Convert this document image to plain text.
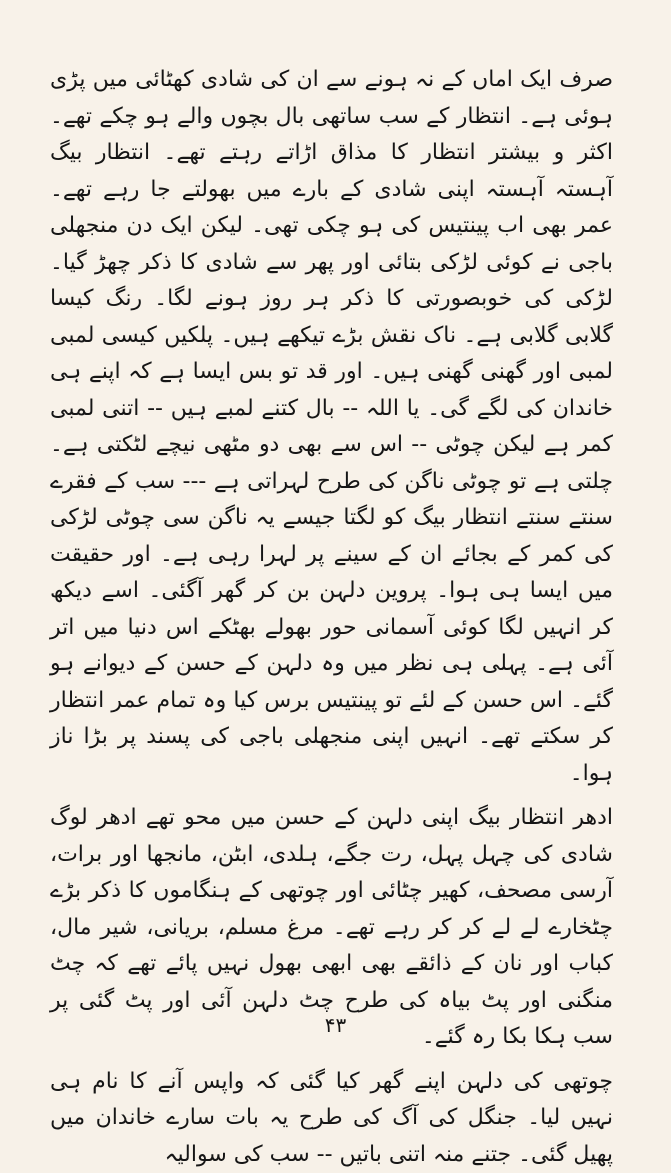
صرف ایک اماں کے نہ ہونے سے ان کی شادی کھٹائی میں پڑی ہوئی ہے۔ انتظار کے سب ساتھی بال بچوں والے ہو چکے تھے۔ اکثر و بیشتر انتظار کا مذاق اڑاتے رہتے تھے۔ انتظار بیگ آہستہ آہستہ اپنی شادی کے بارے میں بھولتے جا رہے تھے۔ عمر بھی اب پینتیس کی ہو چکی تھی۔ لیکن ایک دن منجھلی باجی نے کوئی لڑکی بتائی اور پھر سے شادی کا ذکر چھڑ گیا۔ لڑکی کی خوبصورتی کا ذکر ہر روز ہونے لگا۔ رنگ کیسا گلابی گلابی ہے۔ ناک نقش بڑے تیکھے ہیں۔ پلکیں کیسی لمبی لمبی اور گھنی گھنی ہیں۔ اور قد تو بس ایسا ہے کہ اپنے ہی خاندان کی لگے گی۔ یا اللہ -- بال کتنے لمبے ہیں -- اتنی لمبی کمر ہے لیکن چوٹی -- اس سے بھی دو مٹھی نیچے لٹکتی ہے۔ چلتی ہے تو چوٹی ناگن کی طرح لہراتی ہے --- سب کے فقرے سنتے سنتے انتظار بیگ کو لگتا جیسے یہ ناگن سی چوٹی لڑکی کی کمر کے بجائے ان کے سینے پر لہرا رہی ہے۔ اور حقیقت میں ایسا ہی ہوا۔ پروین دلہن بن کر گھر آگئی۔ اسے دیکھ کر انہیں لگا کوئی آسمانی حور بھولے بھٹکے اس دنیا میں اتر آئی ہے۔ پہلی ہی نظر میں وہ دلہن کے حسن کے دیوانے ہو گئے۔ اس حسن کے لئے تو پینتیس برس کیا وہ تمام عمر انتظار کر سکتے تھے۔ انہیں اپنی منجھلی باجی کی پسند پر بڑا ناز ہوا۔

ادھر انتظار بیگ اپنی دلہن کے حسن میں محو تھے ادھر لوگ شادی کی چہل پہل، رت جگے، ہلدی، ابٹن، مانجھا اور برات، آرسی مصحف، کھیر چٹائی اور چوتھی کے ہنگاموں کا ذکر بڑے چٹخارے لے لے کر کر رہے تھے۔ مرغ مسلم، بریانی، شیر مال، کباب اور نان کے ذائقے بھی ابھی بھول نہیں پائے تھے کہ چٹ منگنی اور پٹ بیاہ کی طرح چٹ دلہن آئی اور پٹ گئی پر سب ہکا بکا رہ گئے۔

چوتھی کی دلہن اپنے گھر کیا گئی کہ واپس آنے کا نام ہی نہیں لیا۔ جنگل کی آگ کی طرح یہ بات سارے خاندان میں پھیل گئی۔ جتنے منہ اتنی باتیں -- سب کی سوالیہ

۴۳
